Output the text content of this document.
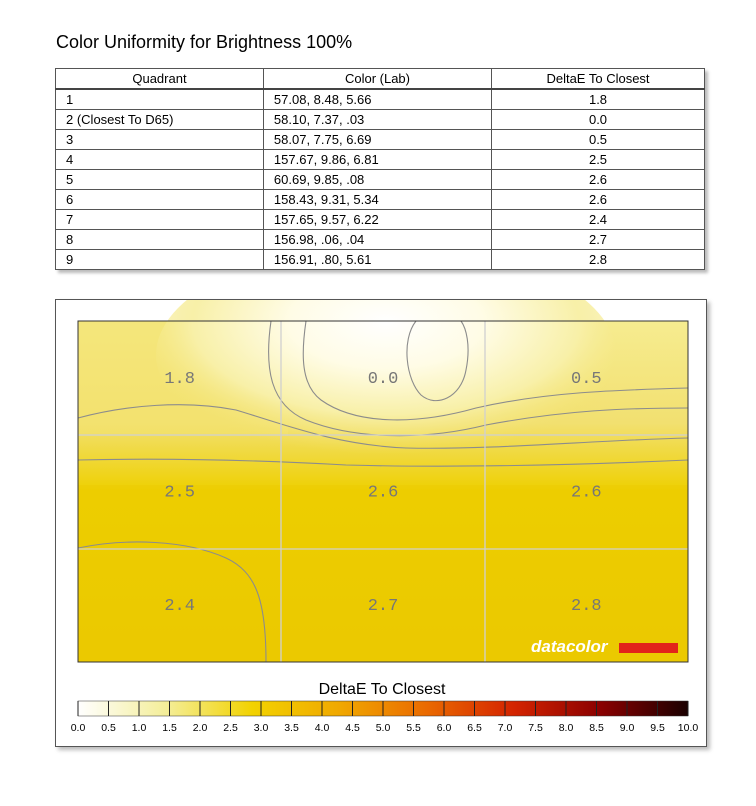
Color Uniformity for Brightness 100%
Quadrant	Color (Lab)	DeltaE To Closest
1	57.08, 8.48, 5.66	1.8
2 (Closest To D65)	58.10, 7.37, .03	0.0
3	58.07, 7.75, 6.69	0.5
4	157.67, 9.86, 6.81	2.5
5	60.69, 9.85, .08	2.6
6	158.43, 9.31, 5.34	2.6
7	157.65, 9.57, 6.22	2.4
8	156.98, .06, .04	2.7
9	156.91, .80, 5.61	2.8
1.8	0.0	0.5
2.5	2.6	2.6
2.4	2.7	2.8
datacolor
DeltaE To Closest
0.0 0.5 1.0 1.5 2.0 2.5 3.0 3.5 4.0 4.5 5.0 5.5 6.0 6.5 7.0 7.5 8.0 8.5 9.0 9.5 10.0
